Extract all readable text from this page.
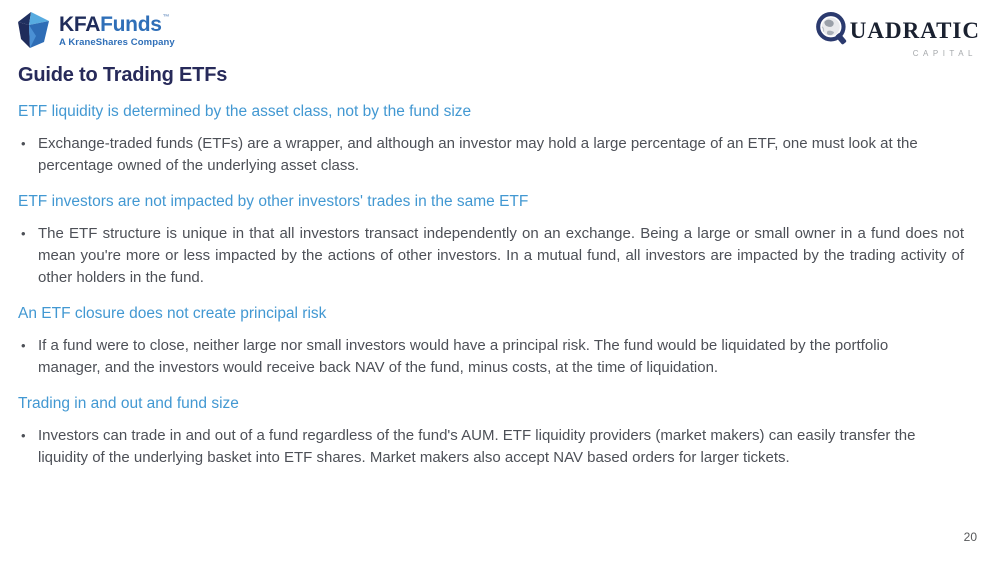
KFAFunds™
A KraneShares Company	UADRATIC
CAPITAL
Guide to Trading ETFs
ETF liquidity is determined by the asset class, not by the fund size
• Exchange-traded funds (ETFs) are a wrapper, and although an investor may hold a large percentage of an ETF, one must look at the percentage owned of the underlying asset class.

ETF investors are not impacted by other investors' trades in the same ETF
• The ETF structure is unique in that all investors transact independently on an exchange. Being a large or small owner in a fund does not mean you're more or less impacted by the actions of other investors. In a mutual fund, all investors are impacted by the trading activity of other holders in the fund.

An ETF closure does not create principal risk
• If a fund were to close, neither large nor small investors would have a principal risk. The fund would be liquidated by the portfolio manager, and the investors would receive back NAV of the fund, minus costs, at the time of liquidation.

Trading in and out and fund size
• Investors can trade in and out of a fund regardless of the fund's AUM. ETF liquidity providers (market makers) can easily transfer the liquidity of the underlying basket into ETF shares. Market makers also accept NAV based orders for larger tickets.

20
